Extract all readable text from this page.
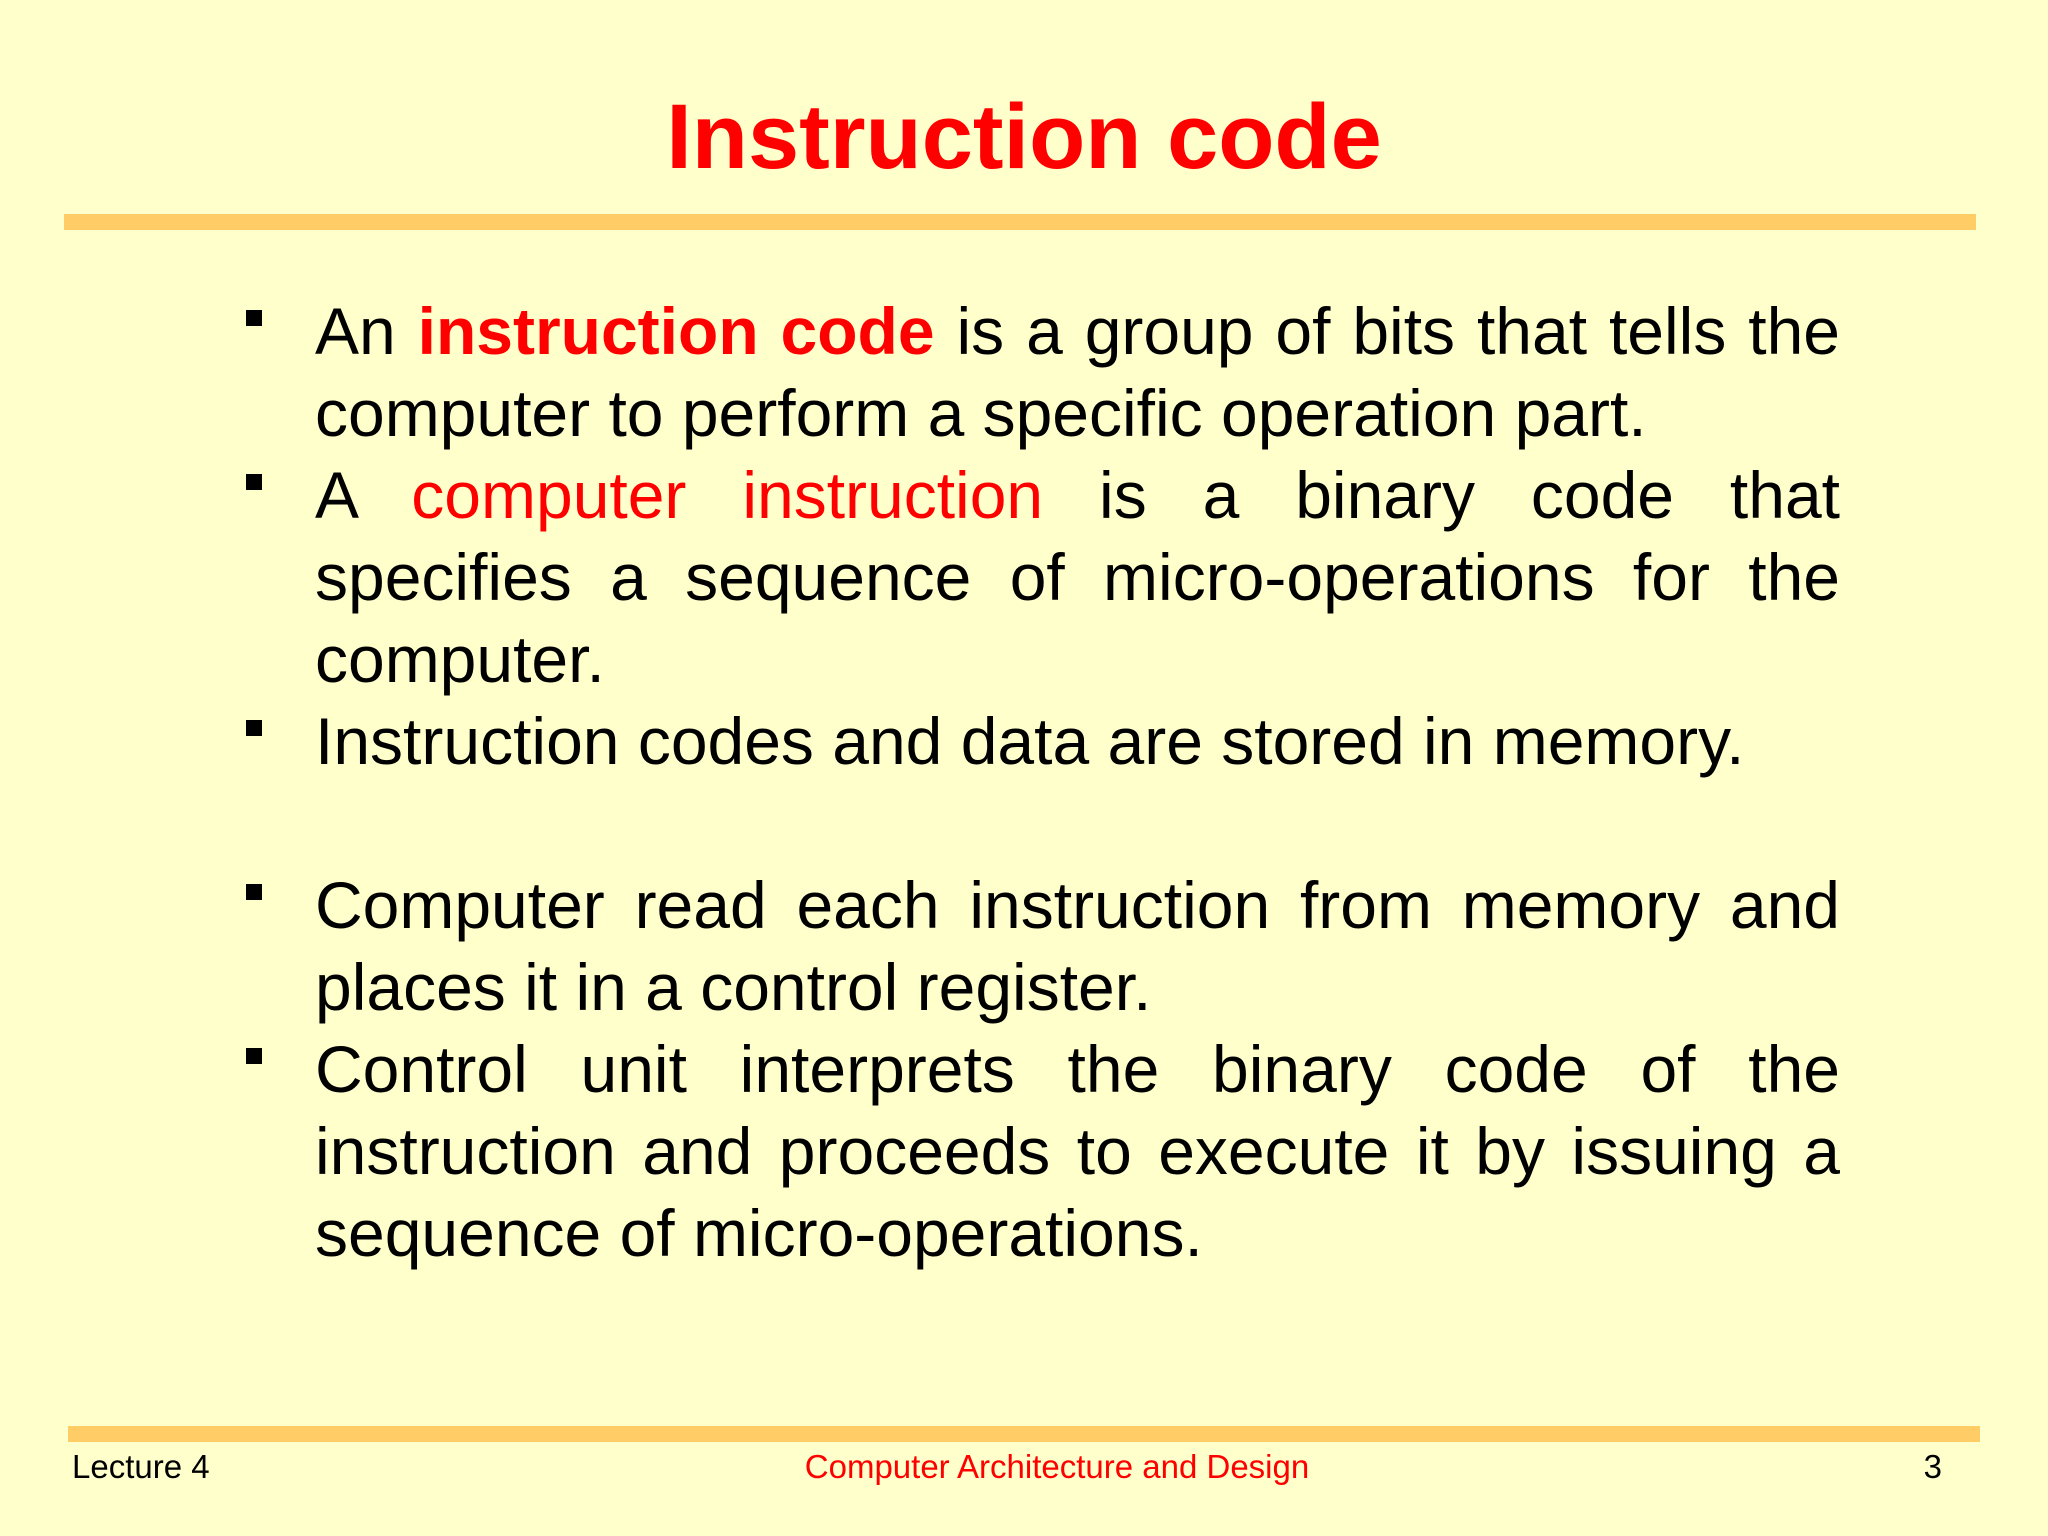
Instruction code
An instruction code is a group of bits that tells the computer to perform a specific operation part.
A computer instruction is a binary code that specifies a sequence of micro-operations for the computer.
Instruction codes and data are stored in memory.
Computer read each instruction from memory and places it in a control register.
Control unit interprets the binary code of the instruction and proceeds to execute it by issuing a sequence of micro-operations.
Lecture 4	Computer Architecture and Design	3
